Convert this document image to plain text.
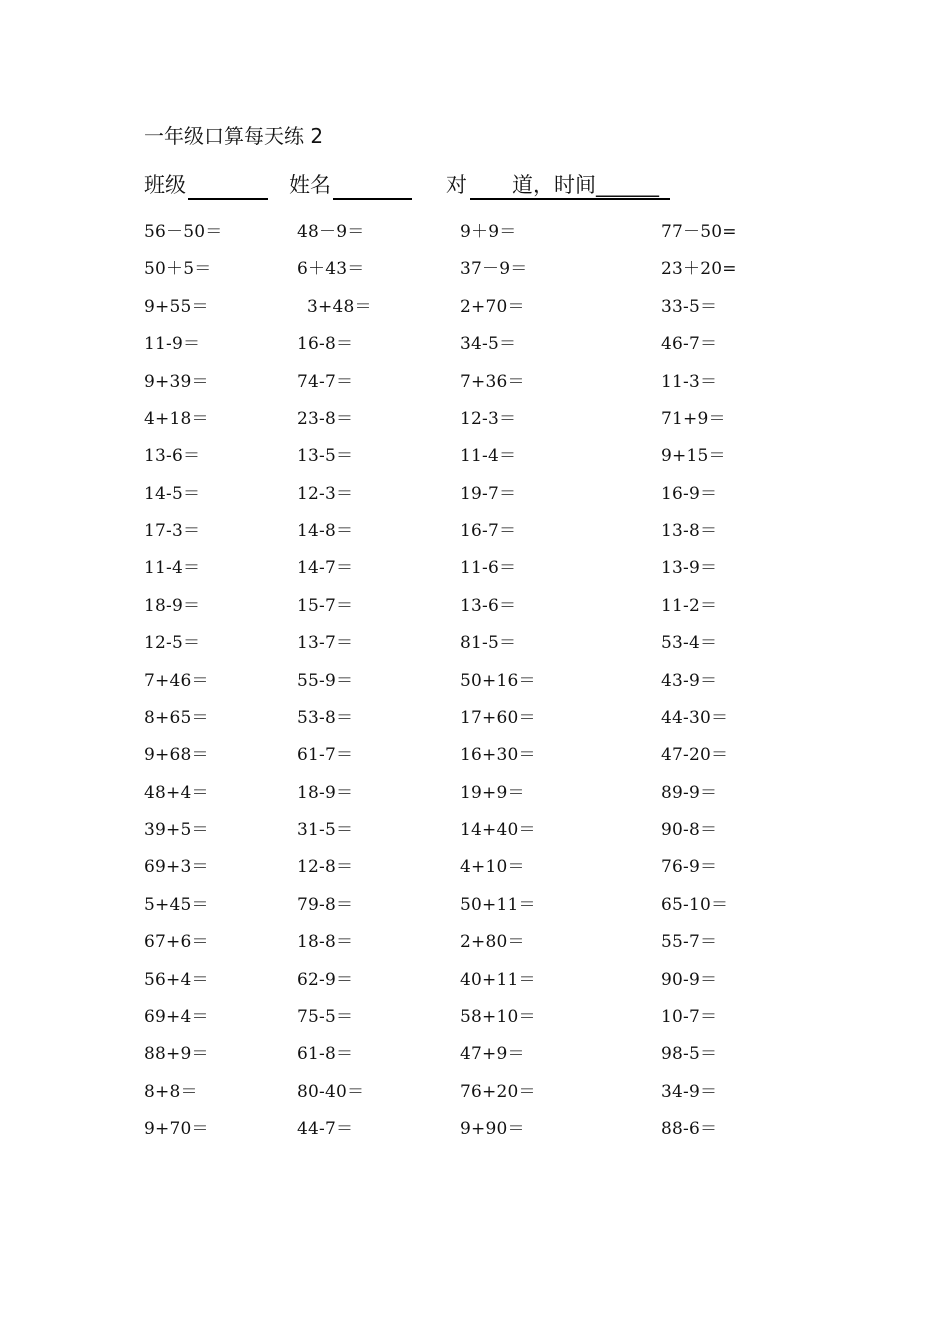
一年级口算每天练 2
班级	姓名	对 道，时间______
56－50＝	48－9＝	9＋9＝	77－50=
50＋5＝	6＋43＝	37－9＝	23＋20=
9+55＝	3+48＝	2+70＝	33-5＝
11-9＝	16-8＝	34-5＝	46-7＝
9+39＝	74-7＝	7+36＝	11-3＝
4+18＝	23-8＝	12-3＝	71+9＝
13-6＝	13-5＝	11-4＝	9+15＝
14-5＝	12-3＝	19-7＝	16-9＝
17-3＝	14-8＝	16-7＝	13-8＝
11-4＝	14-7＝	11-6＝	13-9＝
18-9＝	15-7＝	13-6＝	11-2＝
12-5＝	13-7＝	81-5＝	53-4＝
7+46＝	55-9＝	50+16＝	43-9＝
8+65＝	53-8＝	17+60＝	44-30＝
9+68＝	61-7＝	16+30＝	47-20＝
48+4＝	18-9＝	19+9＝	89-9＝
39+5＝	31-5＝	14+40＝	90-8＝
69+3＝	12-8＝	4+10＝	76-9＝
5+45＝	79-8＝	50+11＝	65-10＝
67+6＝	18-8＝	2+80＝	55-7＝
56+4＝	62-9＝	40+11＝	90-9＝
69+4＝	75-5＝	58+10＝	10-7＝
88+9＝	61-8＝	47+9＝	98-5＝
8+8＝	80-40＝	76+20＝	34-9＝
9+70＝	44-7＝	9+90＝	88-6＝
